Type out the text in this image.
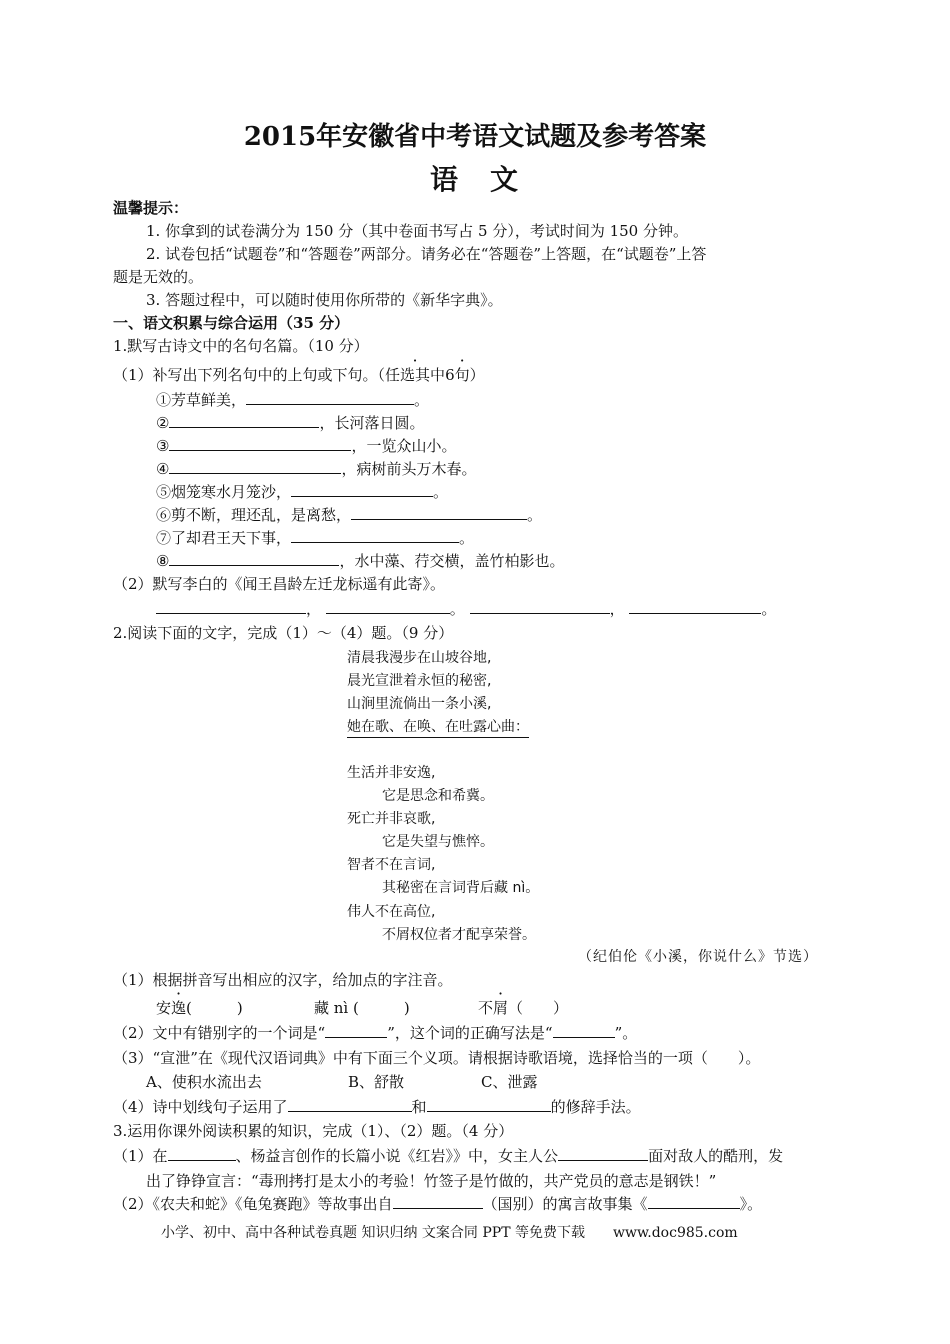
2015年安徽省中考语文试题及参考答案
语　文
温馨提示：
1. 你拿到的试卷满分为 150 分（其中卷面书写占 5 分），考试时间为 150 分钟。
2. 试卷包括“试题卷”和“答题卷”两部分。请务必在“答题卷”上答题，在“试题卷”上答
题是无效的。
3. 答题过程中，可以随时使用你所带的《新华字典》。
一、语文积累与综合运用（35 分）
1.默写古诗文中的名句名篇。（10 分）
（1）补写出下列名句中的上句或下句。（任选其中6句）
①芳草鲜美，	。
②	，长河落日圆。
③	，一览众山小。
④	，病树前头万木春。
⑤烟笼寒水月笼沙，	。
⑥剪不断，理还乱，是离愁，	。
⑦了却君王天下事，	。
⑧	，水中藻、荇交横，盖竹柏影也。
（2）默写李白的《闻王昌龄左迁龙标遥有此寄》。
，	。	，	。
2.阅读下面的文字，完成（1）～（4）题。（9 分）
清晨我漫步在山坡谷地,
晨光宣泄着永恒的秘密,
山涧里流倘出一条小溪,
她在歌、在唤、在吐露心曲：
生活并非安逸,
它是思念和希冀。
死亡并非哀歌,
它是失望与憔悴。
智者不在言词,
其秘密在言词背后藏 nì。
伟人不在高位,
不屑权位者才配享荣誉。
（纪伯伦《小溪，你说什么》节选）
（1）根据拼音写出相应的汉字，给加点的字注音。
安逸(　　　)	藏 nì (　　　)	不屑（　　）
（2）文中有错别字的一个词是“	”，这个词的正确写法是“	”。
（3）“宣泄”在《现代汉语词典》中有下面三个义项。请根据诗歌语境，选择恰当的一项（　　）。
A、使积水流出去	B、舒散	C、泄露
（4）诗中划线句子运用了	和	的修辞手法。
3.运用你课外阅读积累的知识，完成（1）、（2）题。（4 分）
（1）在	、杨益言创作的长篇小说《红岩》》中，女主人公	面对敌人的酷刑，发
出了铮铮宣言：“毒刑拷打是太小的考验！竹签子是竹做的，共产党员的意志是钢铁！”
（2）《农夫和蛇》《龟兔赛跑》等故事出自	（国别）的寓言故事集《	》。
小学、初中、高中各种试卷真题 知识归纳 文案合同 PPT 等免费下载　　www.doc985.com
